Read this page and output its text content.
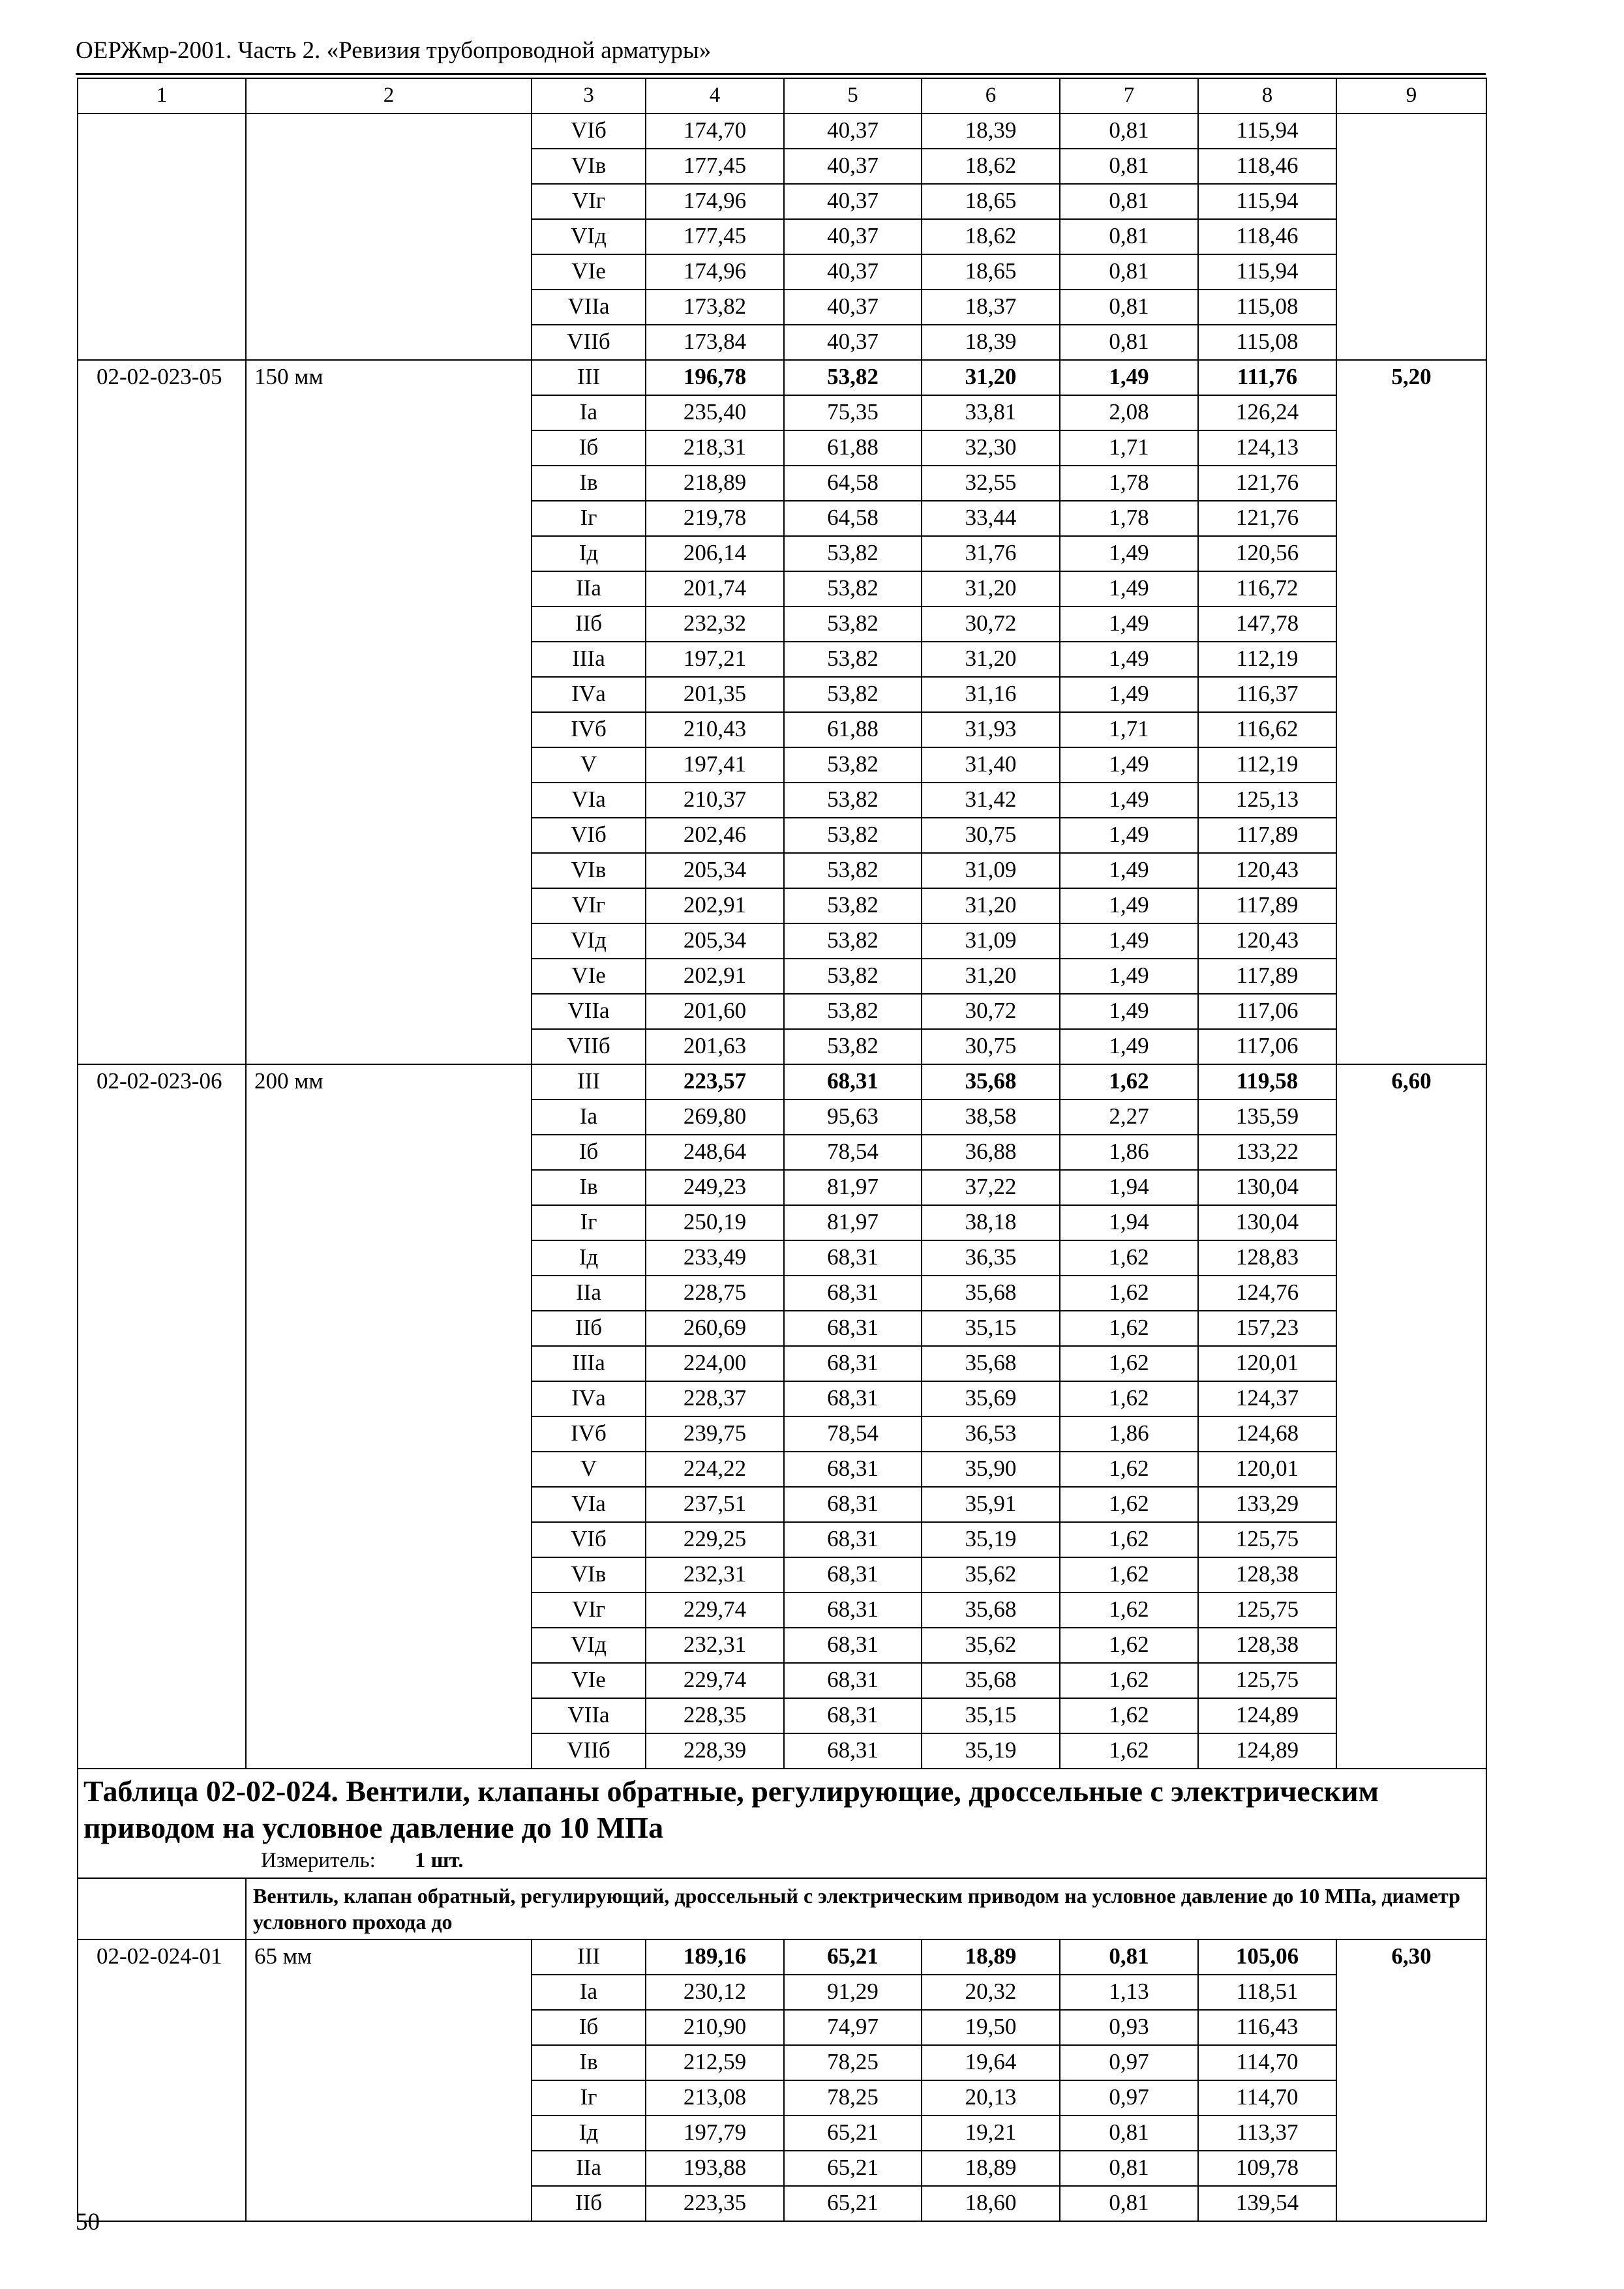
ОЕРЖмр-2001. Часть 2. «Ревизия трубопроводной арматуры»
1	2	3	4	5	6	7	8	9
		VIб	174,70	40,37	18,39	0,81	115,94	
		VIв	177,45	40,37	18,62	0,81	118,46	
		VIг	174,96	40,37	18,65	0,81	115,94	
		VIд	177,45	40,37	18,62	0,81	118,46	
		VIе	174,96	40,37	18,65	0,81	115,94	
		VIIа	173,82	40,37	18,37	0,81	115,08	
		VIIб	173,84	40,37	18,39	0,81	115,08	
02-02-023-05	150 мм	III	196,78	53,82	31,20	1,49	111,76	5,20
		Iа	235,40	75,35	33,81	2,08	126,24	
		Iб	218,31	61,88	32,30	1,71	124,13	
		Iв	218,89	64,58	32,55	1,78	121,76	
		Iг	219,78	64,58	33,44	1,78	121,76	
		Iд	206,14	53,82	31,76	1,49	120,56	
		IIа	201,74	53,82	31,20	1,49	116,72	
		IIб	232,32	53,82	30,72	1,49	147,78	
		IIIа	197,21	53,82	31,20	1,49	112,19	
		IVа	201,35	53,82	31,16	1,49	116,37	
		IVб	210,43	61,88	31,93	1,71	116,62	
		V	197,41	53,82	31,40	1,49	112,19	
		VIа	210,37	53,82	31,42	1,49	125,13	
		VIб	202,46	53,82	30,75	1,49	117,89	
		VIв	205,34	53,82	31,09	1,49	120,43	
		VIг	202,91	53,82	31,20	1,49	117,89	
		VIд	205,34	53,82	31,09	1,49	120,43	
		VIе	202,91	53,82	31,20	1,49	117,89	
		VIIа	201,60	53,82	30,72	1,49	117,06	
		VIIб	201,63	53,82	30,75	1,49	117,06	
02-02-023-06	200 мм	III	223,57	68,31	35,68	1,62	119,58	6,60
		Iа	269,80	95,63	38,58	2,27	135,59	
		Iб	248,64	78,54	36,88	1,86	133,22	
		Iв	249,23	81,97	37,22	1,94	130,04	
		Iг	250,19	81,97	38,18	1,94	130,04	
		Iд	233,49	68,31	36,35	1,62	128,83	
		IIа	228,75	68,31	35,68	1,62	124,76	
		IIб	260,69	68,31	35,15	1,62	157,23	
		IIIа	224,00	68,31	35,68	1,62	120,01	
		IVа	228,37	68,31	35,69	1,62	124,37	
		IVб	239,75	78,54	36,53	1,86	124,68	
		V	224,22	68,31	35,90	1,62	120,01	
		VIа	237,51	68,31	35,91	1,62	133,29	
		VIб	229,25	68,31	35,19	1,62	125,75	
		VIв	232,31	68,31	35,62	1,62	128,38	
		VIг	229,74	68,31	35,68	1,62	125,75	
		VIд	232,31	68,31	35,62	1,62	128,38	
		VIе	229,74	68,31	35,68	1,62	125,75	
		VIIа	228,35	68,31	35,15	1,62	124,89	
		VIIб	228,39	68,31	35,19	1,62	124,89	

Таблица 02-02-024. Вентили, клапаны обратные, регулирующие, дроссельные с электрическим приводом на условное давление до 10 МПа
Измеритель: 1 шт.								

	Вентиль, клапан обратный, регулирующий, дроссельный с электрическим приводом на условное давление до 10 МПа, диаметр условного прохода до							
02-02-024-01	65 мм	III	189,16	65,21	18,89	0,81	105,06	6,30
		Iа	230,12	91,29	20,32	1,13	118,51	
		Iб	210,90	74,97	19,50	0,93	116,43	
		Iв	212,59	78,25	19,64	0,97	114,70	
		Iг	213,08	78,25	20,13	0,97	114,70	
		Iд	197,79	65,21	19,21	0,81	113,37	
		IIа	193,88	65,21	18,89	0,81	109,78	
		IIб	223,35	65,21	18,60	0,81	139,54	
50
